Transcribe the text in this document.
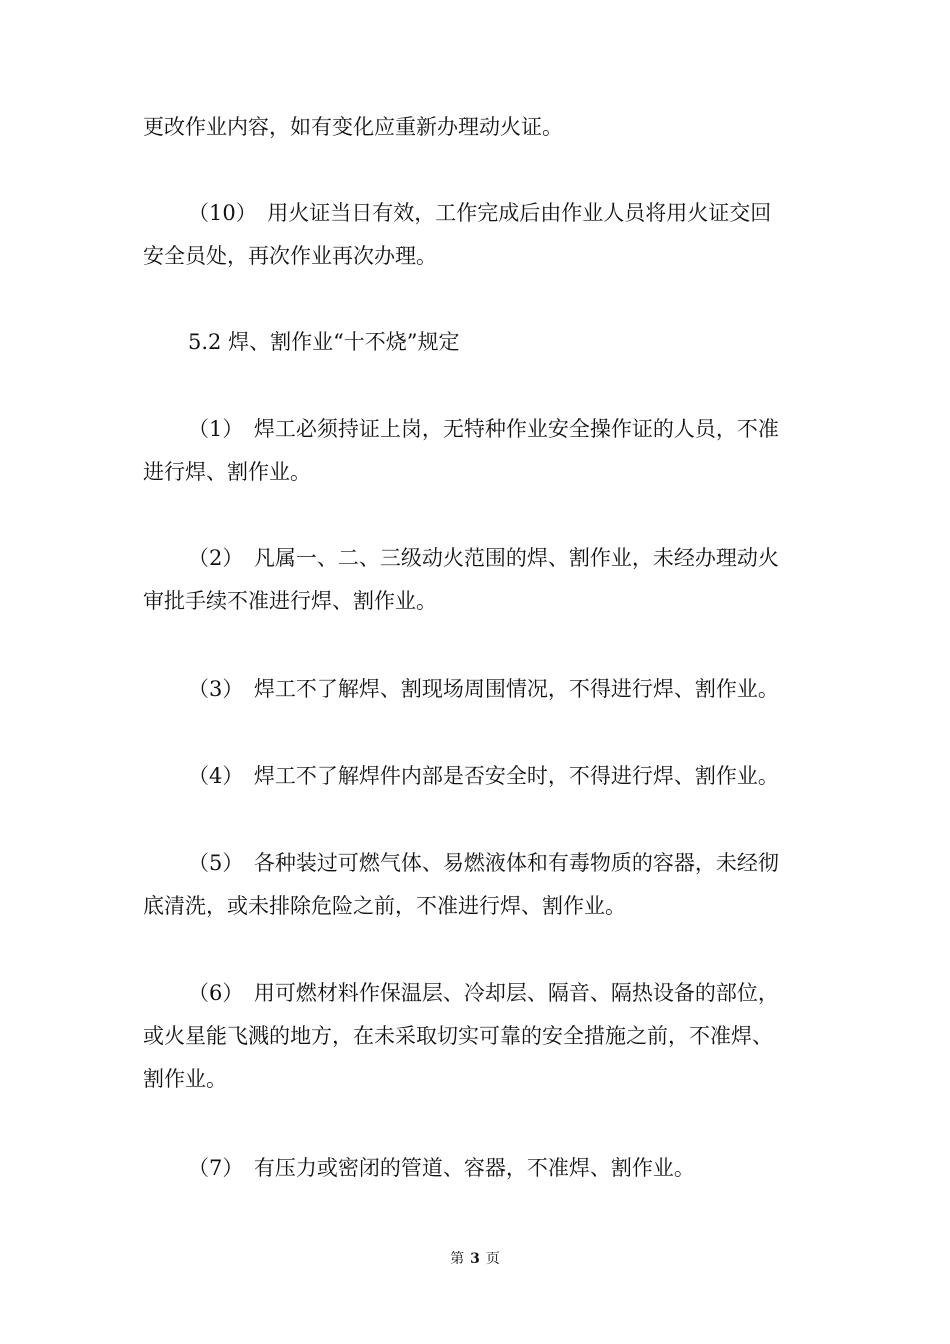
更改作业内容，如有变化应重新办理动火证。
（10）　用火证当日有效，工作完成后由作业人员将用火证交回
安全员处，再次作业再次办理。
5.2 焊、割作业“十不烧”规定
（1）　焊工必须持证上岗，无特种作业安全操作证的人员，不准
进行焊、割作业。
（2）　凡属一、二、三级动火范围的焊、割作业，未经办理动火
审批手续不准进行焊、割作业。
（3）　焊工不了解焊、割现场周围情况，不得进行焊、割作业。
（4）　焊工不了解焊件内部是否安全时，不得进行焊、割作业。
（5）　各种装过可燃气体、易燃液体和有毒物质的容器，未经彻
底清洗，或未排除危险之前，不准进行焊、割作业。
（6）　用可燃材料作保温层、冷却层、隔音、隔热设备的部位，
或火星能飞溅的地方，在未采取切实可靠的安全措施之前，不准焊、
割作业。
（7）　有压力或密闭的管道、容器，不准焊、割作业。
第 3 页
